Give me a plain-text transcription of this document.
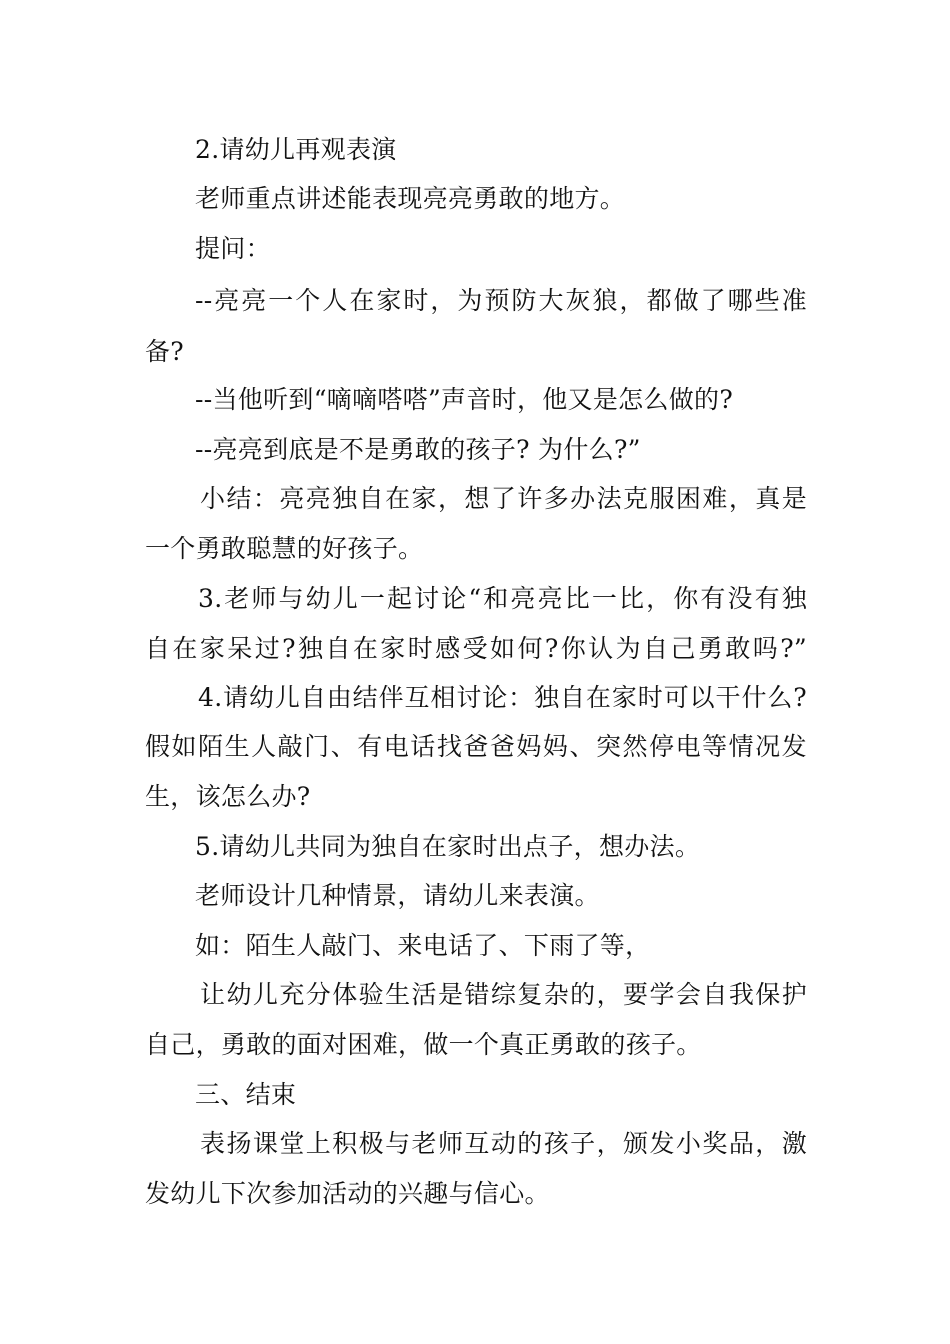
2.请幼儿再观表演
老师重点讲述能表现亮亮勇敢的地方。
提问：
--亮亮一个人在家时，为预防大灰狼，都做了哪些准
备?
--当他听到“嘀嘀嗒嗒”声音时，他又是怎么做的?
--亮亮到底是不是勇敢的孩子? 为什么?”
小结：亮亮独自在家，想了许多办法克服困难，真是
一个勇敢聪慧的好孩子。
3.老师与幼儿一起讨论“和亮亮比一比，你有没有独
自在家呆过?独自在家时感受如何?你认为自己勇敢吗?”
4.请幼儿自由结伴互相讨论：独自在家时可以干什么?
假如陌生人敲门、有电话找爸爸妈妈、突然停电等情况发
生，该怎么办?
5.请幼儿共同为独自在家时出点子，想办法。
老师设计几种情景，请幼儿来表演。
如：陌生人敲门、来电话了、下雨了等，
让幼儿充分体验生活是错综复杂的，要学会自我保护
自己，勇敢的面对困难，做一个真正勇敢的孩子。
三、结束
表扬课堂上积极与老师互动的孩子，颁发小奖品，激
发幼儿下次参加活动的兴趣与信心。
